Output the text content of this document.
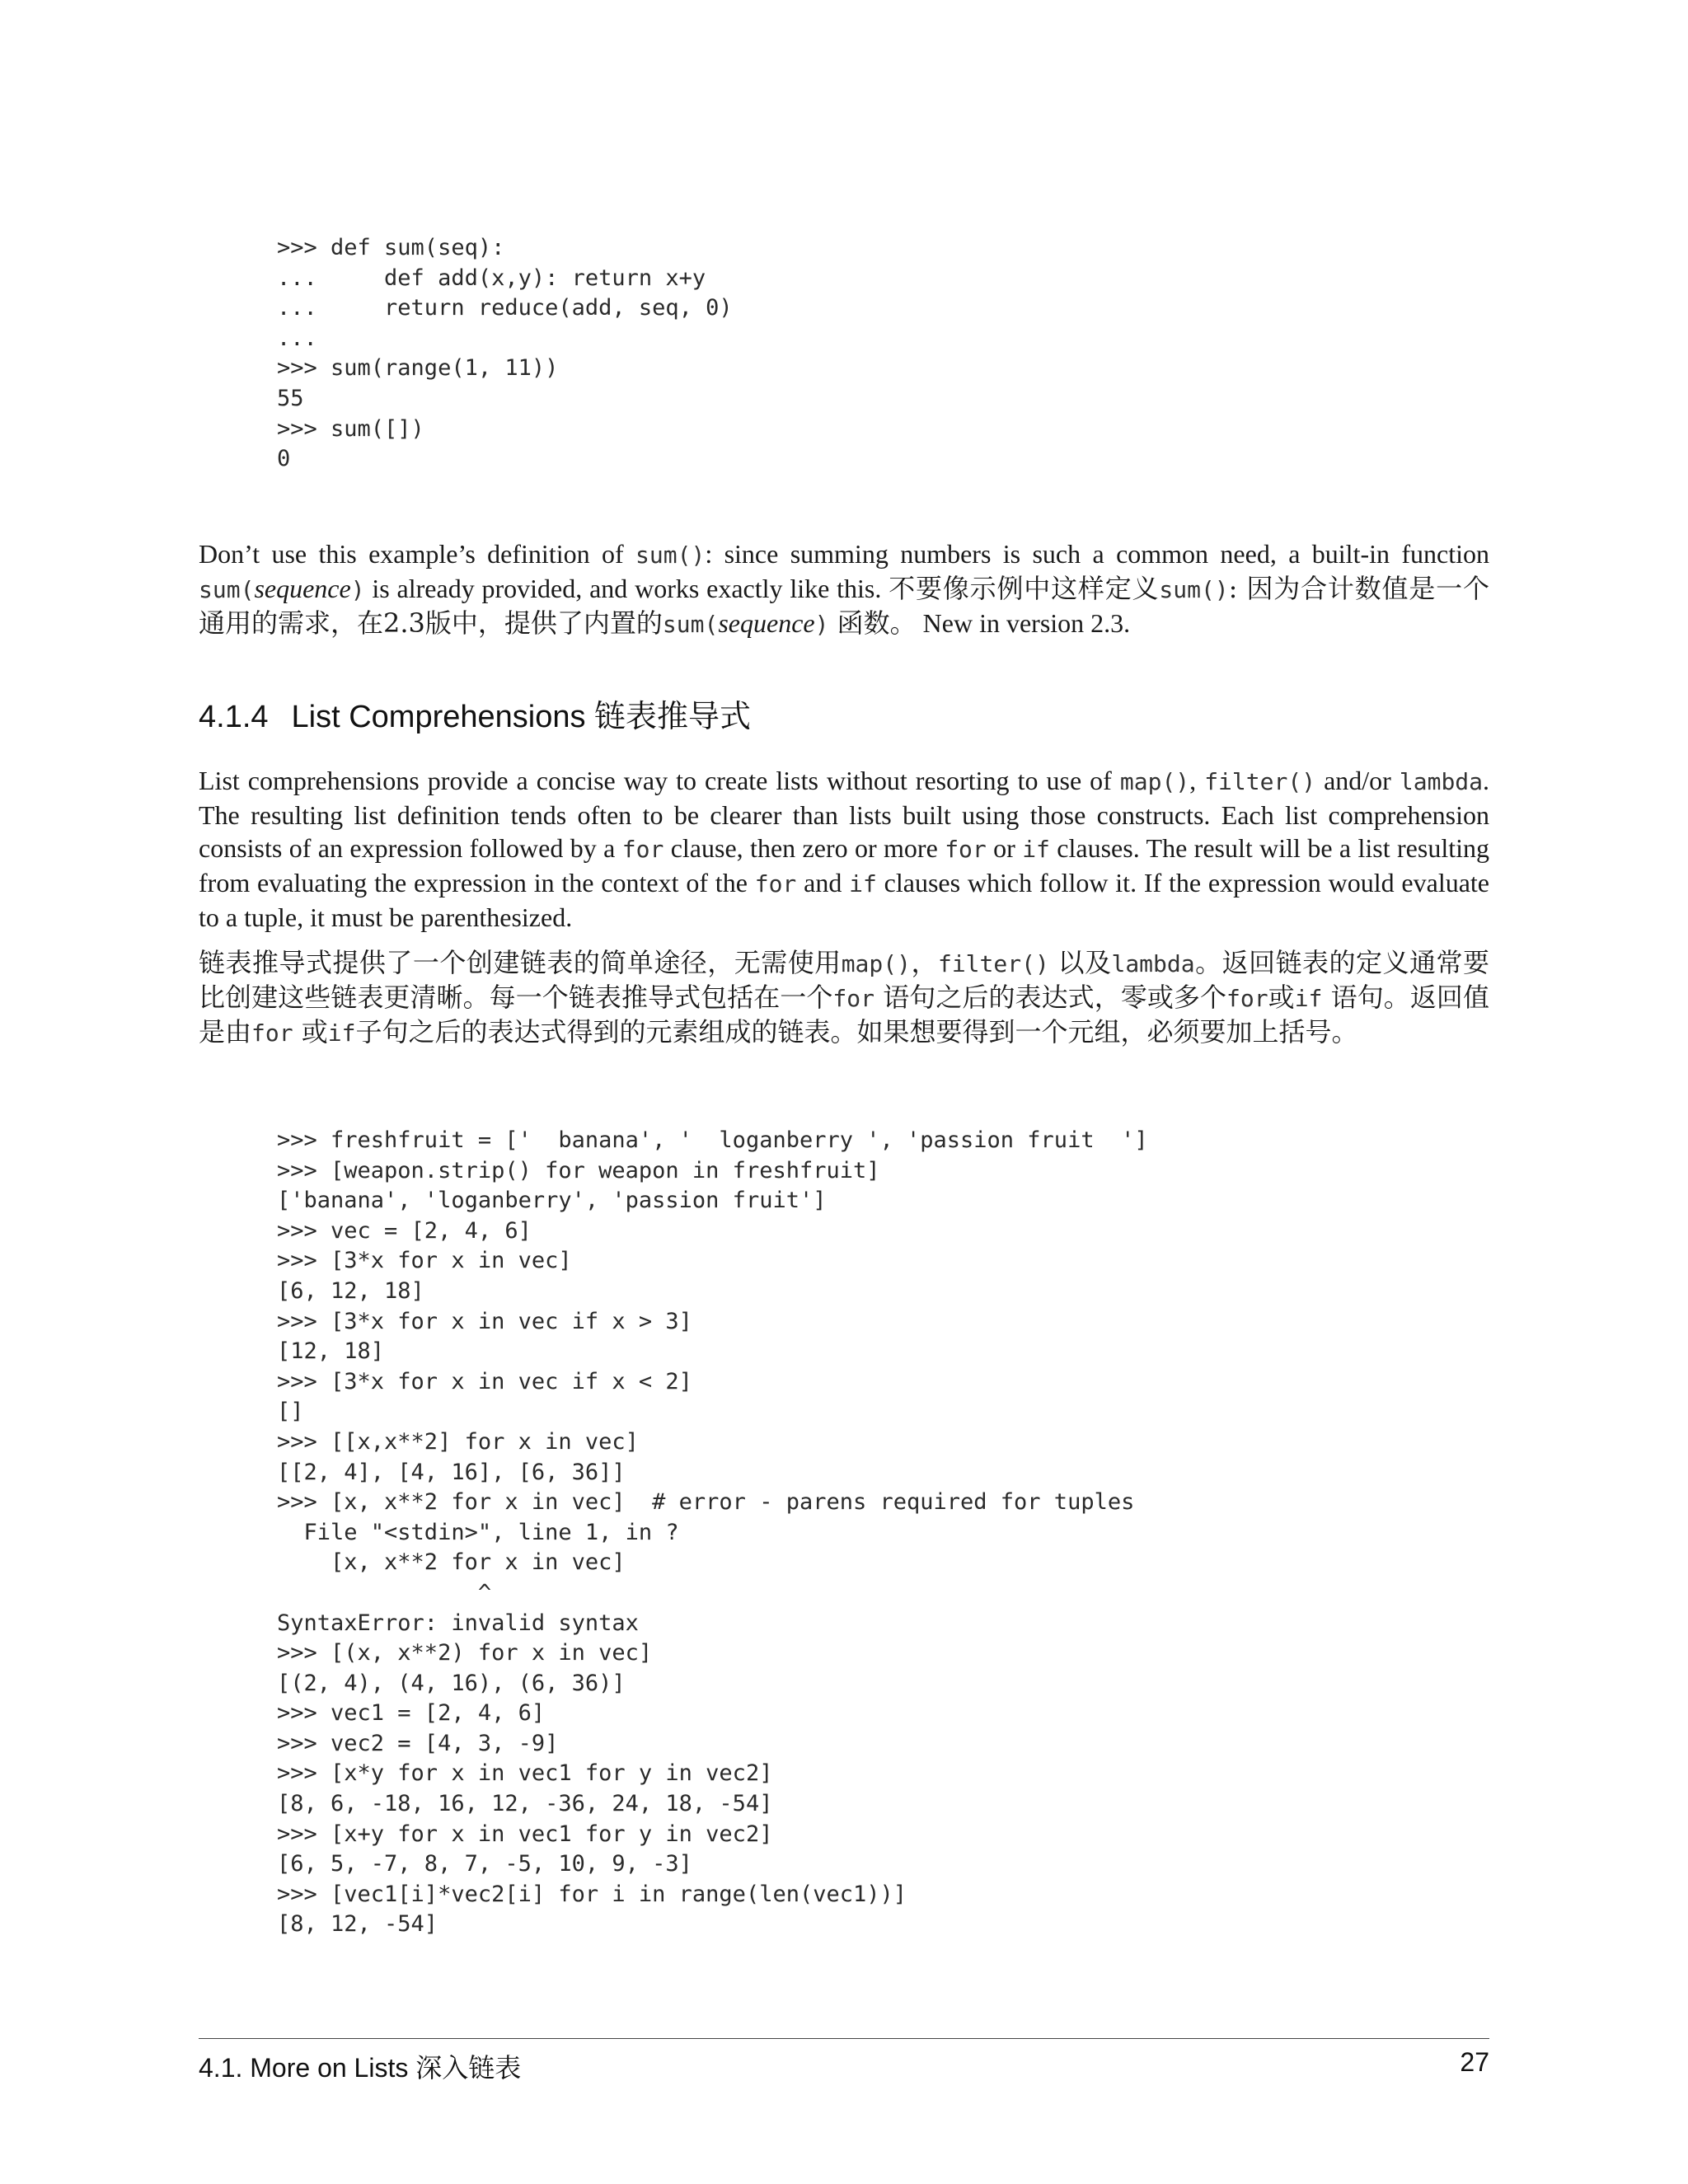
>>> def sum(seq):
...     def add(x,y): return x+y
...     return reduce(add, seq, 0)
...
>>> sum(range(1, 11))
55
>>> sum([])
0

Don’t use this example’s definition of sum(): since summing numbers is such a common need, a built-in function sum(sequence) is already provided, and works exactly like this. 不要像示例中这样定义sum(): 因为合计数值是一个通用的需求，在2.3版中，提供了内置的sum(sequence) 函数。 New in version 2.3.

4.1.4 List Comprehensions 链表推导式

List comprehensions provide a concise way to create lists without resorting to use of map(), filter() and/or lambda. The resulting list definition tends often to be clearer than lists built using those constructs. Each list comprehension consists of an expression followed by a for clause, then zero or more for or if clauses. The result will be a list resulting from evaluating the expression in the context of the for and if clauses which follow it. If the expression would evaluate to a tuple, it must be parenthesized.

链表推导式提供了一个创建链表的简单途径，无需使用map()，filter() 以及lambda。返回链表的定义通常要比创建这些链表更清晰。每一个链表推导式包括在一个for 语句之后的表达式，零或多个for或if 语句。返回值是由for 或if子句之后的表达式得到的元素组成的链表。如果想要得到一个元组，必须要加上括号。

>>> freshfruit = ['  banana', '  loganberry ', 'passion fruit  ']
>>> [weapon.strip() for weapon in freshfruit]
['banana', 'loganberry', 'passion fruit']
>>> vec = [2, 4, 6]
>>> [3*x for x in vec]
[6, 12, 18]
>>> [3*x for x in vec if x > 3]
[12, 18]
>>> [3*x for x in vec if x < 2]
[]
>>> [[x,x**2] for x in vec]
[[2, 4], [4, 16], [6, 36]]
>>> [x, x**2 for x in vec]  # error - parens required for tuples
File "<stdin>", line 1, in ?
[x, x**2 for x in vec]
^
SyntaxError: invalid syntax
>>> [(x, x**2) for x in vec]
[(2, 4), (4, 16), (6, 36)]
>>> vec1 = [2, 4, 6]
>>> vec2 = [4, 3, -9]
>>> [x*y for x in vec1 for y in vec2]
[8, 6, -18, 16, 12, -36, 24, 18, -54]
>>> [x+y for x in vec1 for y in vec2]
[6, 5, -7, 8, 7, -5, 10, 9, -3]
>>> [vec1[i]*vec2[i] for i in range(len(vec1))]
[8, 12, -54]

4.1. More on Lists 深入链表	27
